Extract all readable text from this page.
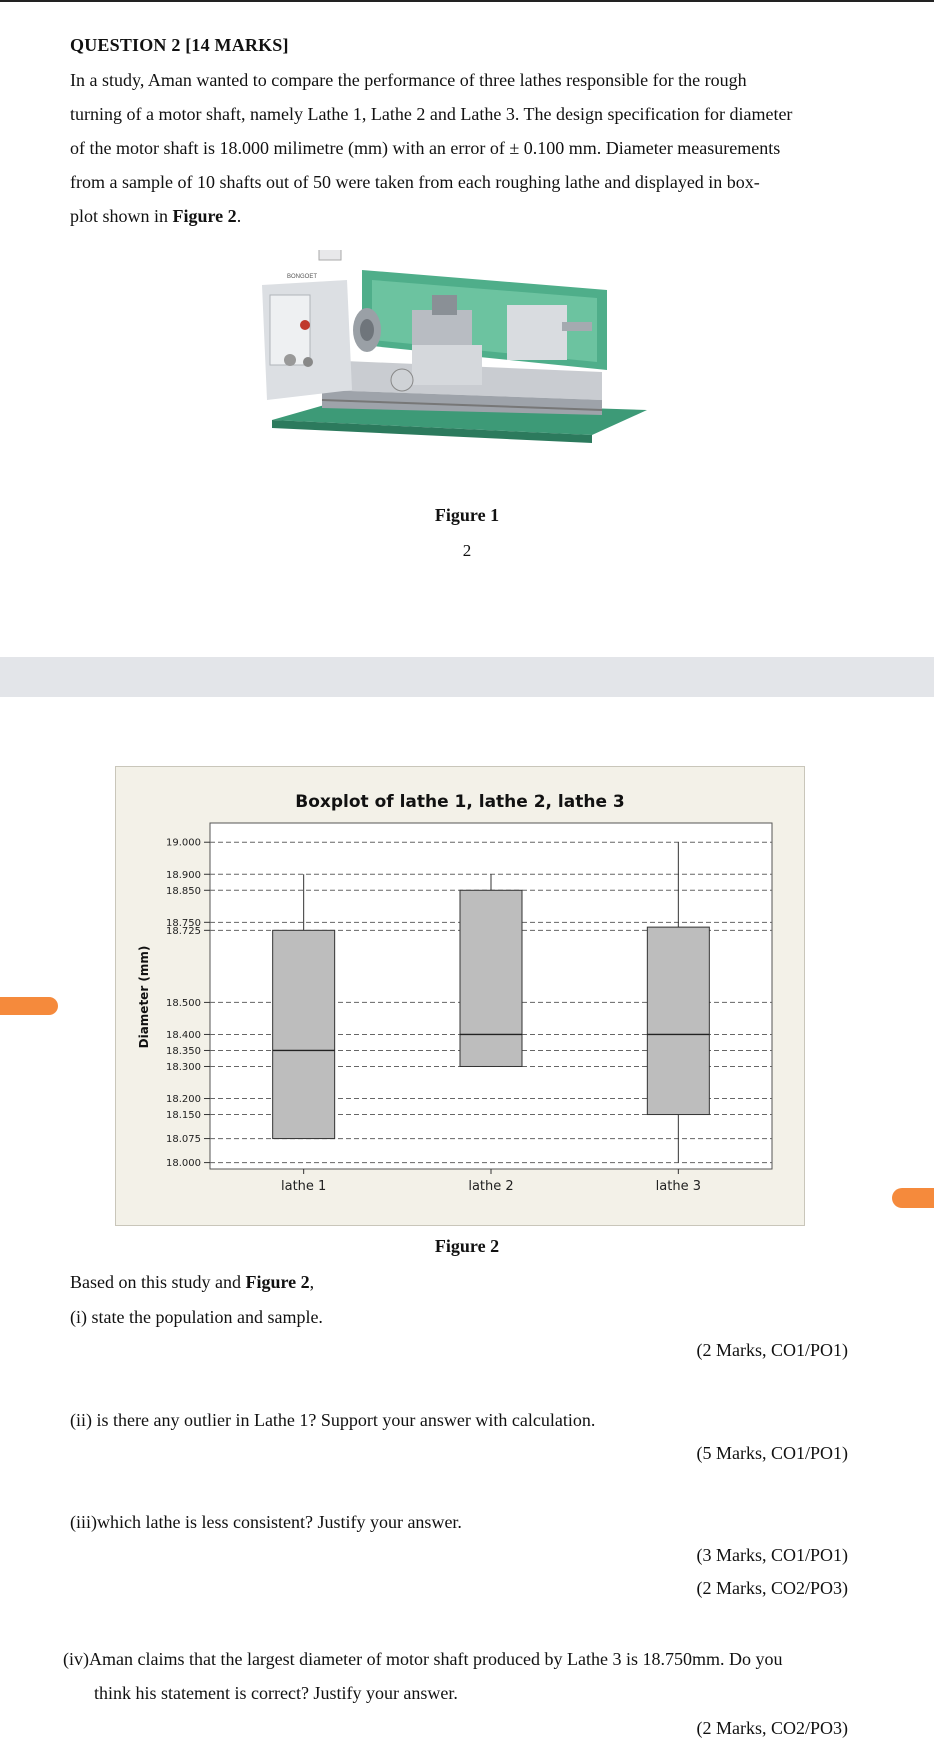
QUESTION 2 [14 MARKS]
In a study, Aman wanted to compare the performance of three lathes responsible for the rough
turning of a motor shaft, namely Lathe 1, Lathe 2 and Lathe 3. The design specification for diameter
of the motor shaft is 18.000 milimetre (mm) with an error of ± 0.100 mm. Diameter measurements
from a sample of 10 shafts out of 50 were taken from each roughing lathe and displayed in box-
plot shown in Figure 2.
BONGOET
Figure 1
2
Boxplot of lathe 1, lathe 2, lathe 3
Diameter (mm)
18.000
18.075
18.150
18.200
18.300
18.350
18.400
18.500
18.725
18.750
18.850
18.900
19.000
lathe 1	lathe 2	lathe 3
Figure 2
Based on this study and Figure 2,
(i) state the population and sample.
(2 Marks, CO1/PO1)
(ii) is there any outlier in Lathe 1? Support your answer with calculation.
(5 Marks, CO1/PO1)
(iii)which lathe is less consistent? Justify your answer.
(3 Marks, CO1/PO1)
(2 Marks, CO2/PO3)
(iv)Aman claims that the largest diameter of motor shaft produced by Lathe 3 is 18.750mm. Do you
think his statement is correct? Justify your answer.
(2 Marks, CO2/PO3)
